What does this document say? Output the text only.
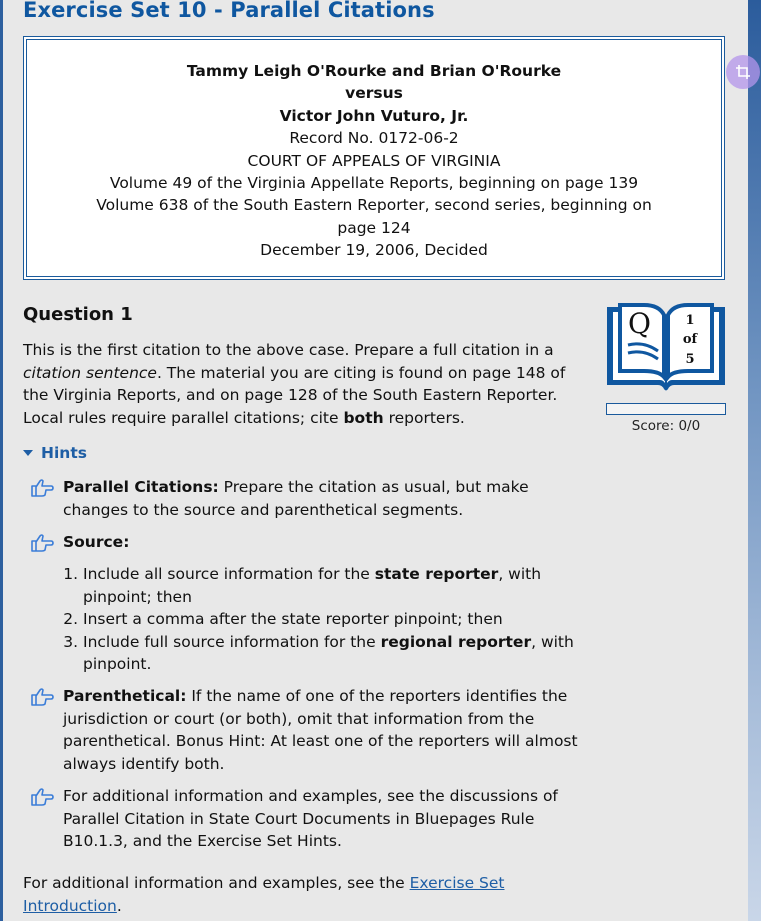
Exercise Set 10 - Parallel Citations
Tammy Leigh O'Rourke and Brian O'Rourke
versus
Victor John Vuturo, Jr.
Record No. 0172-06-2
COURT OF APPEALS OF VIRGINIA
Volume 49 of the Virginia Appellate Reports, beginning on page 139
Volume 638 of the South Eastern Reporter, second series, beginning on
page 124
December 19, 2006, Decided
Question 1

This is the first citation to the above case. Prepare a full citation in a citation sentence. The material you are citing is found on page 148 of the Virginia Reports, and on page 128 of the South Eastern Reporter. Local rules require parallel citations; cite both reporters.

Q	1
of
5
Score: 0/0
Hints
Parallel Citations: Prepare the citation as usual, but make changes to the source and parenthetical segments.
Source:
1. Include all source information for the state reporter, with pinpoint; then
2. Insert a comma after the state reporter pinpoint; then
3. Include full source information for the regional reporter, with pinpoint.
Parenthetical: If the name of one of the reporters identifies the jurisdiction or court (or both), omit that information from the parenthetical. Bonus Hint: At least one of the reporters will almost always identify both.
For additional information and examples, see the discussions of Parallel Citation in State Court Documents in Bluepages Rule B10.1.3, and the Exercise Set Hints.
For additional information and examples, see the Exercise Set Introduction.
